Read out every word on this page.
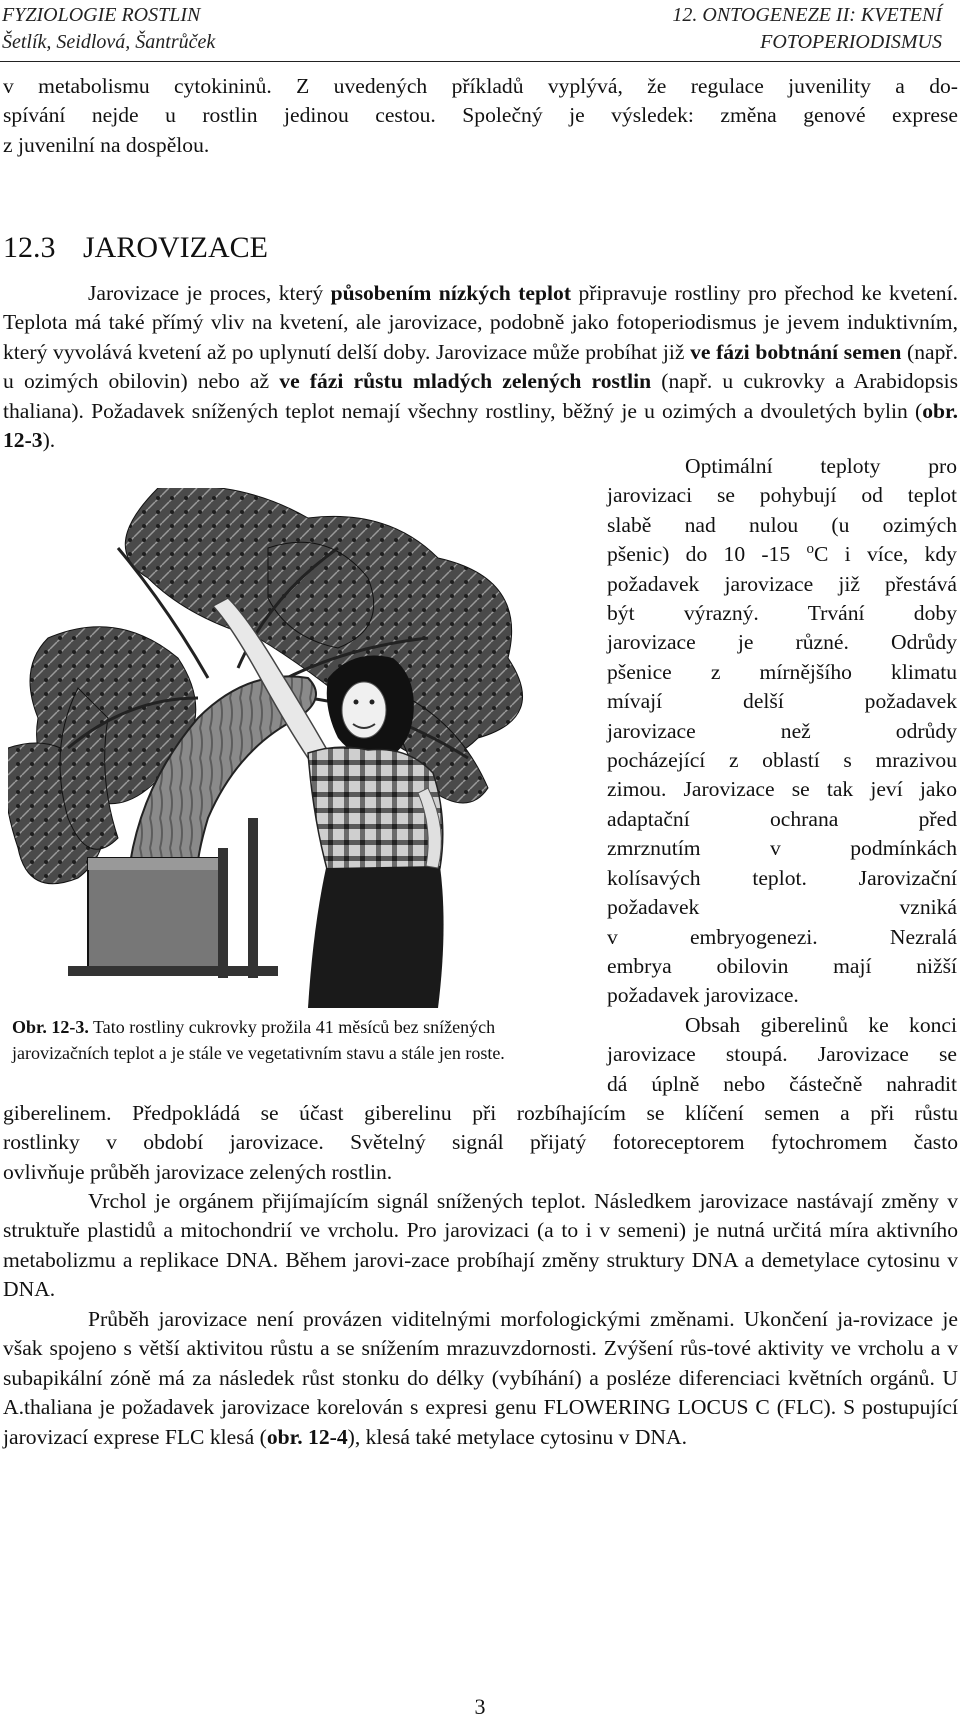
FYZIOLOGIE ROSTLIN
Šetlík, Seidlová, Šantrůček
12. ONTOGENEZE II: KVETENÍ
FOTOPERIODISMUS
v metabolismu cytokininů. Z uvedených příkladů vyplývá, že regulace juvenility a do-
spívání nejde u rostlin jedinou cestou. Společný je výsledek: změna genové exprese
z juvenilní na dospělou.
12.3 JAROVIZACE

Jarovizace je proces, který působením nízkých teplot připravuje rostliny pro přechod ke kvetení. Teplota má také přímý vliv na kvetení, ale jarovizace, podobně jako fotoperiodismus je jevem induktivním, který vyvolává kvetení až po uplynutí delší doby. Jarovizace může probíhat již ve fázi bobtnání semen (např. u ozimých obilovin) nebo až ve fázi růstu mladých zelených rostlin (např. u cukrovky a Arabidopsis thaliana). Požadavek snížených teplot nemají všechny rostliny, běžný je u ozimých a dvouletých bylin (obr. 12-3).

Optimální teploty pro
jarovizaci se pohybují od teplot
slabě nad nulou (u ozimých
pšenic) do 10 -15 $^o$C i více, kdy
požadavek jarovizace již přestává
být výrazný. Trvání doby
jarovizace je různé. Odrůdy
pšenice z mírnějšího klimatu
mívají delší požadavek
jarovizace než odrůdy
pocházející z oblastí s mrazivou
zimou. Jarovizace se tak jeví jako
adaptační ochrana před
zmrznutím v podmínkách
kolísavých teplot. Jarovizační
požadavek vzniká
v embryogenezi. Nezralá
embrya obilovin mají nižší
požadavek jarovizace.

Obr. 12-3. Tato rostliny cukrovky prožila 41 měsíců bez snížených jarovizačních teplot a je stále ve vegetativním stavu a stále jen roste.

Obsah giberelinů ke konci
jarovizace stoupá. Jarovizace se
dá úplně nebo částečně nahradit
giberelinem. Předpokládá se účast giberelinu při rozbíhajícím se klíčení semen a při růstu
rostlinky v období jarovizace. Světelný signál přijatý fotoreceptorem fytochromem často
ovlivňuje průběh jarovizace zelených rostlin.

Vrchol je orgánem přijímajícím signál snížených teplot. Následkem jarovizace nastávají změny v struktuře plastidů a mitochondrií ve vrcholu. Pro jarovizaci (a to i v semeni) je nutná určitá míra aktivního metabolizmu a replikace DNA. Během jarovi-zace probíhají změny struktury DNA a demetylace cytosinu v DNA.

Průběh jarovizace není provázen viditelnými morfologickými změnami. Ukončení ja-rovizace je však spojeno s větší aktivitou růstu a se snížením mrazuvzdornosti. Zvýšení růs-tové aktivity ve vrcholu a v subapikální zóně má za následek růst stonku do délky (vybíhání) a posléze diferenciaci květních orgánů. U A.thaliana je požadavek jarovizace korelován s expresi genu FLOWERING LOCUS C (FLC). S postupující jarovizací exprese FLC klesá (obr. 12-4), klesá také metylace cytosinu v DNA.

3
